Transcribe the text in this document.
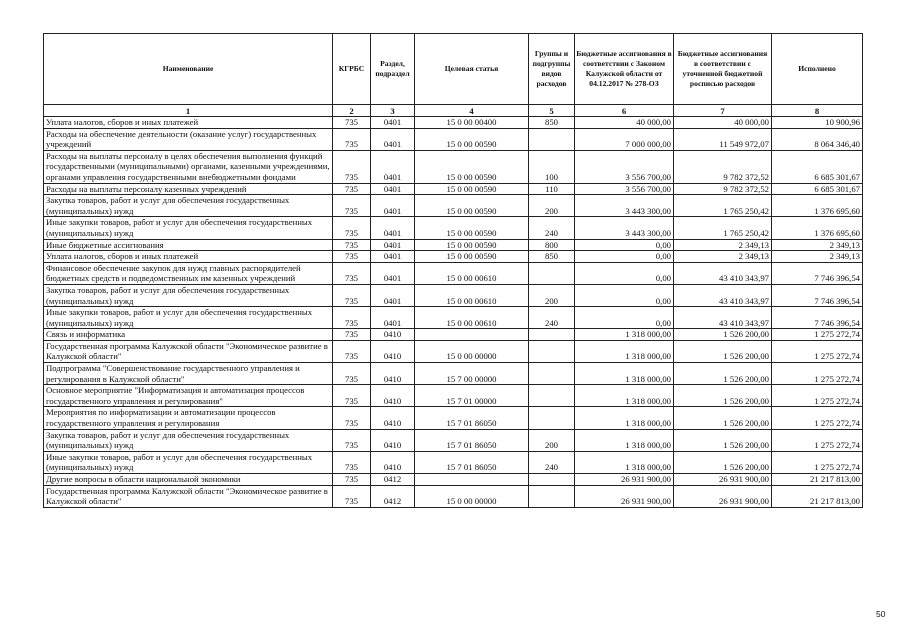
Наименование	КГРБС	Раздел, подраздел	Целевая статья	Группы и подгруппы видов расходов	Бюджетные ассигнования в соответствии с Законом Калужской области от 04.12.2017 № 278-ОЗ	Бюджетные ассигнования в соответствии с уточненной бюджетной росписью расходов	Исполнено
1	2	3	4	5	6	7	8
Уплата налогов, сборов и иных платежей	735	0401	15 0 00 00400	850	40 000,00	40 000,00	10 900,96
Расходы на обеспечение деятельности (оказание услуг) государственных учреждений	735	0401	15 0 00 00590		7 000 000,00	11 549 972,07	8 064 346,40
Расходы на выплаты персоналу в целях обеспечения выполнения функций государственными (муниципальными) органами, казенными учреждениями, органами управления государственными внебюджетными фондами	735	0401	15 0 00 00590	100	3 556 700,00	9 782 372,52	6 685 301,67
Расходы на выплаты персоналу казенных учреждений	735	0401	15 0 00 00590	110	3 556 700,00	9 782 372,52	6 685 301,67
Закупка товаров, работ и услуг для обеспечения государственных (муниципальных) нужд	735	0401	15 0 00 00590	200	3 443 300,00	1 765 250,42	1 376 695,60
Иные закупки товаров, работ и услуг для обеспечения государственных (муниципальных) нужд	735	0401	15 0 00 00590	240	3 443 300,00	1 765 250,42	1 376 695,60
Иные бюджетные ассигнования	735	0401	15 0 00 00590	800	0,00	2 349,13	2 349,13
Уплата налогов, сборов и иных платежей	735	0401	15 0 00 00590	850	0,00	2 349,13	2 349,13
Финансовое обеспечение закупок для нужд главных распорядителей бюджетных средств и подведомственных им казенных учреждений	735	0401	15 0 00 00610		0,00	43 410 343,97	7 746 396,54
Закупка товаров, работ и услуг для обеспечения государственных (муниципальных) нужд	735	0401	15 0 00 00610	200	0,00	43 410 343,97	7 746 396,54
Иные закупки товаров, работ и услуг для обеспечения государственных (муниципальных) нужд	735	0401	15 0 00 00610	240	0,00	43 410 343,97	7 746 396,54
Связь и информатика	735	0410			1 318 000,00	1 526 200,00	1 275 272,74
Государственная программа Калужской области "Экономическое развитие в Калужской области"	735	0410	15 0 00 00000		1 318 000,00	1 526 200,00	1 275 272,74
Подпрограмма "Совершенствование государственного управления и регулирования в Калужской области"	735	0410	15 7 00 00000		1 318 000,00	1 526 200,00	1 275 272,74
Основное мероприятие "Информатизация и автоматизация процессов государственного управления и регулирования"	735	0410	15 7 01 00000		1 318 000,00	1 526 200,00	1 275 272,74
Мероприятия по информатизации и автоматизации процессов государственного управления и регулирования	735	0410	15 7 01 86050		1 318 000,00	1 526 200,00	1 275 272,74
Закупка товаров, работ и услуг для обеспечения государственных (муниципальных) нужд	735	0410	15 7 01 86050	200	1 318 000,00	1 526 200,00	1 275 272,74
Иные закупки товаров, работ и услуг для обеспечения государственных (муниципальных) нужд	735	0410	15 7 01 86050	240	1 318 000,00	1 526 200,00	1 275 272,74
Другие вопросы в области национальной экономики	735	0412			26 931 900,00	26 931 900,00	21 217 813,00
Государственная программа Калужской области "Экономическое развитие в Калужской области"	735	0412	15 0 00 00000		26 931 900,00	26 931 900,00	21 217 813,00
50
